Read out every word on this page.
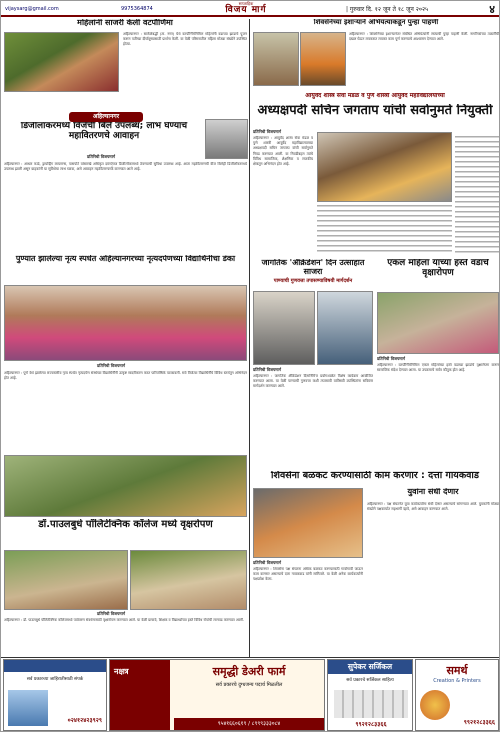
vijaysarg@gmail.com	9975364874
साप्ताहिक
विजय मार्ग	| गुरुवार दि. १२ जून ते १८ जून २०२५	४
महिलांनी साजरी केली वटपौर्णिमा
अहिल्यानगर : सारोळेबद्धी (ता. नगर) येथे वटपौर्णिमेनिमित्त महिलांनी वडाच्या झाडाचे पूजन करून पतीच्या दीर्घायुष्यासाठी प्रार्थना केली. या वेळी परिसरातील महिला मोठ्या संख्येने उपस्थित होत्या.
अहिल्यानगर
डिजीलॉकरमध्ये विजेची बिले उपलब्ध; लाभ घेण्याचे महावितरणचे आवाहन
प्रतिनिधी विजयमार्ग
अहिल्यानगर : आधार कार्ड, ड्रायव्हिंग लायसन्स, पासपोर्ट यांसारखे अधिकृत दस्तऐवज डिजीलॉकरमध्ये ठेवण्याची सुविधा उपलब्ध आहे. आता महावितरणची वीज बिलेही डिजीलॉकरमध्ये उपलब्ध झाली असून ग्राहकांनी या सुविधेचा लाभ घ्यावा, असे आवाहन महावितरणतर्फे करण्यात आले आहे.
पुण्यात झालेल्या नृत्य स्पर्धेत अहिल्यानगरच्या नृत्यदर्पणच्या विद्यार्थिनींचा डंका
प्रतिनिधी विजयमार्ग
अहिल्यानगर : पुणे येथे झालेल्या राज्यस्तरीय नृत्य स्पर्धेत नृत्यदर्पण संस्थेच्या विद्यार्थिनींनी उत्कृष्ट सादरीकरण करत पारितोषिके पटकावली. सर्व विजेत्या विद्यार्थिनींचे विविध स्तरांतून अभिनंदन होत आहे.
डॉ.पाउलबुधे पॉलिटेक्निक कॉलेज मध्ये वृक्षरोपण
प्रतिनिधी विजयमार्ग
अहिल्यानगर : डॉ. पाउलबुधे पॉलिटेक्निक कॉलेजमध्ये पर्यावरण संवर्धनासाठी वृक्षारोपण करण्यात आले. या वेळी प्राचार्य, शिक्षक व विद्यार्थ्यांच्या हस्ते विविध रोपांची लागवड करण्यात आली.
शिवसेनेच्या इशाऱ्याने अभियंत्याकडून पुन्हा पाहणी
अहिल्यानगर : शिवसेनेच्या इशाऱ्यानंतर संबंधित अभियंत्यांनी रस्त्याची पुन्हा पाहणी केली. नागरिकांच्या तक्रारींची दखल घेऊन लवकरात लवकर काम पूर्ण करण्याचे आश्वासन देण्यात आले.
आयुर्वेद शास्त्र सेवा मंडळ व पुणे शास्त्री आयुर्वेद महाविद्यालयाच्या
अध्यक्षपदी सचिन जगताप यांची सर्वानुमते नियुक्ती
प्रतिनिधी विजयमार्ग
अहिल्यानगर : आयुर्वेद शास्त्र सेवा मंडळ व पुणे शास्त्री आयुर्वेद महाविद्यालयाच्या अध्यक्षपदी सचिन जगताप यांची सर्वानुमते निवड करण्यात आली. या निवडीबद्दल त्यांचे विविध सामाजिक, शैक्षणिक व राजकीय क्षेत्रातून अभिनंदन होत आहे.
जागतिक 'ॲक्रिडेशन' दिन उत्साहात साजरा
पाण्याची गुणवत्ता तपासण्याविषयी मार्गदर्शन
प्रतिनिधी विजयमार्ग
अहिल्यानगर : जागतिक ॲक्रिडेशन दिनानिमित्त प्रयोगशाळेत विशेष कार्यक्रम आयोजित करण्यात आला. या वेळी पाण्याची गुणवत्ता कशी तपासावी याविषयी उपस्थितांना सविस्तर मार्गदर्शन करण्यात आले.
एकल महिला यांच्या हस्ते वडाचे वृक्षारोपण
प्रतिनिधी विजयमार्ग
अहिल्यानगर : वटपौर्णिमेनिमित्त एकल महिलांच्या हस्ते वडाच्या झाडांचे वृक्षारोपण करून सामाजिक संदेश देण्यात आला. या उपक्रमाचे सर्वत्र कौतुक होत आहे.
शिवसेना बळकट करण्यासाठी काम करणार : दत्ता गायकवाड
प्रतिनिधी विजयमार्ग
अहिल्यानगर : शिवसेना पक्ष संघटना अधिक बळकट करण्यासाठी गावोगावी जाऊन काम करणार असल्याचे दत्ता गायकवाड यांनी सांगितले. या वेळी अनेक कार्यकर्त्यांनी पक्षप्रवेश केला.
युवांना संधी देणार
अहिल्यानगर : पक्ष संघटनेत युवा कार्यकर्त्यांना संधी देणार असल्याचे सांगण्यात आले. युवकांनी मोठ्या संख्येने पक्षकार्यात सहभागी व्हावे, असे आवाहन करण्यात आले.
सर्व प्रकारच्या जाहिरातीसाठी संपर्क
०२४१२४२३९२९
नक्षत्र	समृद्धी डेअरी फार्म
सर्व प्रकारचे दुग्धजन्य पदार्थ मिळतील
९५४१६६०६१९ / ८९९९३३३०८४
सुपेकर सर्जिकल
सर्व प्रकारचे सर्जिकल साहित्य
९९२१२८३३६६
समर्थ
Creation & Printers
९९२१२८३३६६
